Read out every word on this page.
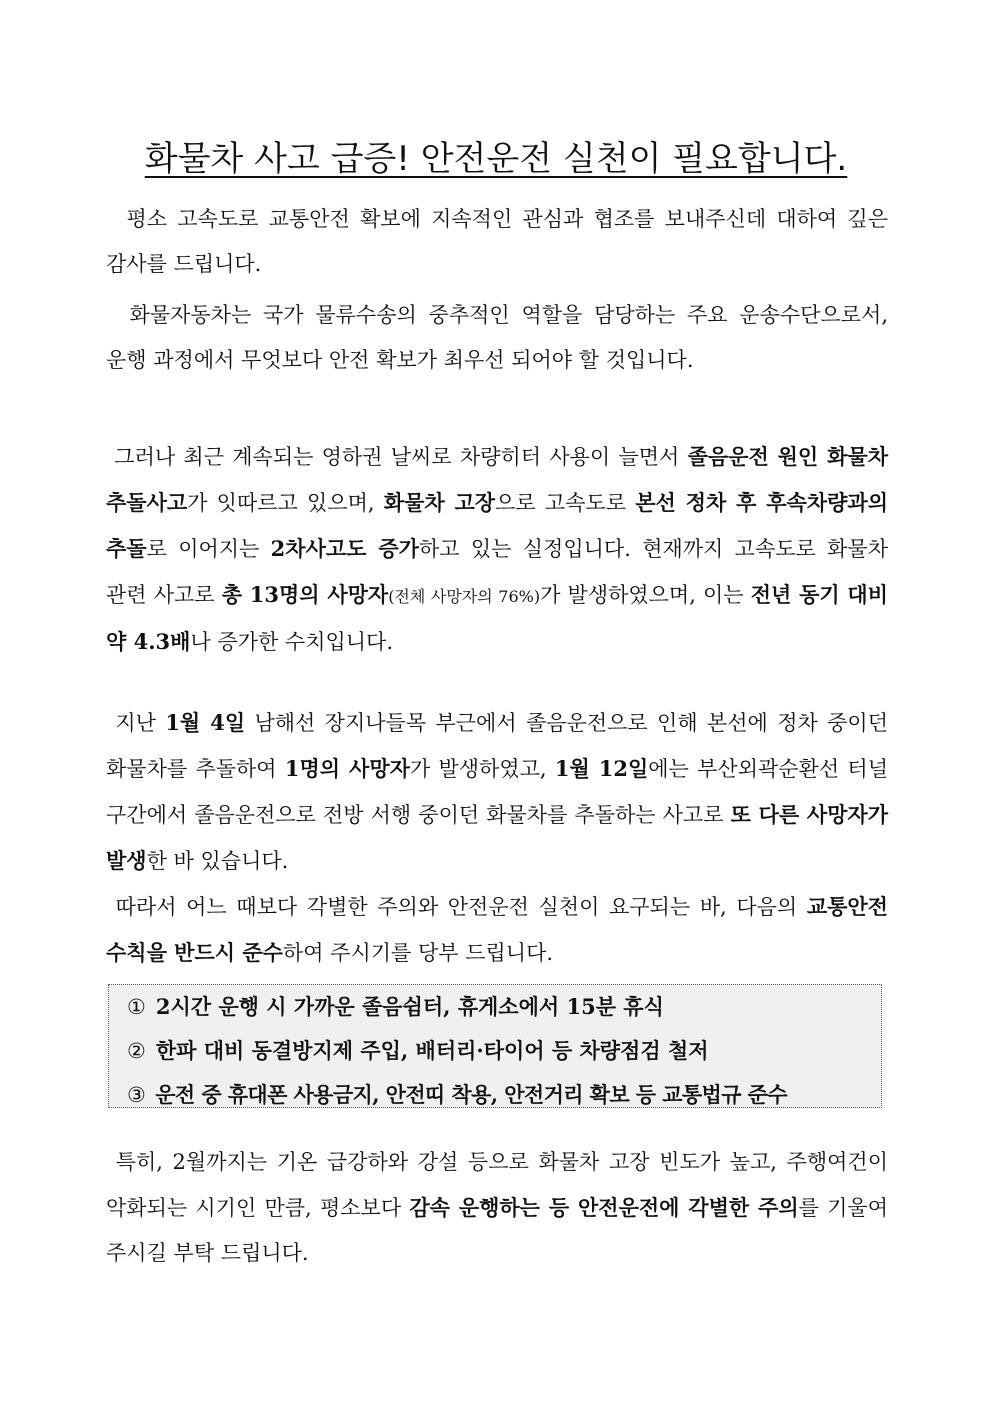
화물차 사고 급증! 안전운전 실천이 필요합니다.

평소 고속도로 교통안전 확보에 지속적인 관심과 협조를 보내주신데 대하여 깊은 감사를 드립니다.

화물자동차는 국가 물류수송의 중추적인 역할을 담당하는 주요 운송수단으로서, 운행 과정에서 무엇보다 안전 확보가 최우선 되어야 할 것입니다.

그러나 최근 계속되는 영하권 날씨로 차량히터 사용이 늘면서 졸음운전 원인 화물차 추돌사고가 잇따르고 있으며, 화물차 고장으로 고속도로 본선 정차 후 후속차량과의 추돌로 이어지는 2차사고도 증가하고 있는 실정입니다. 현재까지 고속도로 화물차 관련 사고로 총 13명의 사망자(전체 사망자의 76%)가 발생하였으며, 이는 전년 동기 대비 약 4.3배나 증가한 수치입니다.

지난 1월 4일 남해선 장지나들목 부근에서 졸음운전으로 인해 본선에 정차 중이던 화물차를 추돌하여 1명의 사망자가 발생하였고, 1월 12일에는 부산외곽순환선 터널 구간에서 졸음운전으로 전방 서행 중이던 화물차를 추돌하는 사고로 또 다른 사망자가 발생한 바 있습니다.

따라서 어느 때보다 각별한 주의와 안전운전 실천이 요구되는 바, 다음의 교통안전 수칙을 반드시 준수하여 주시기를 당부 드립니다.

① 2시간 운행 시 가까운 졸음쉼터, 휴게소에서 15분 휴식

② 한파 대비 동결방지제 주입, 배터리·타이어 등 차량점검 철저

③ 운전 중 휴대폰 사용금지, 안전띠 착용, 안전거리 확보 등 교통법규 준수

특히, 2월까지는 기온 급강하와 강설 등으로 화물차 고장 빈도가 높고, 주행여건이 악화되는 시기인 만큼, 평소보다 감속 운행하는 등 안전운전에 각별한 주의를 기울여 주시길 부탁 드립니다.
